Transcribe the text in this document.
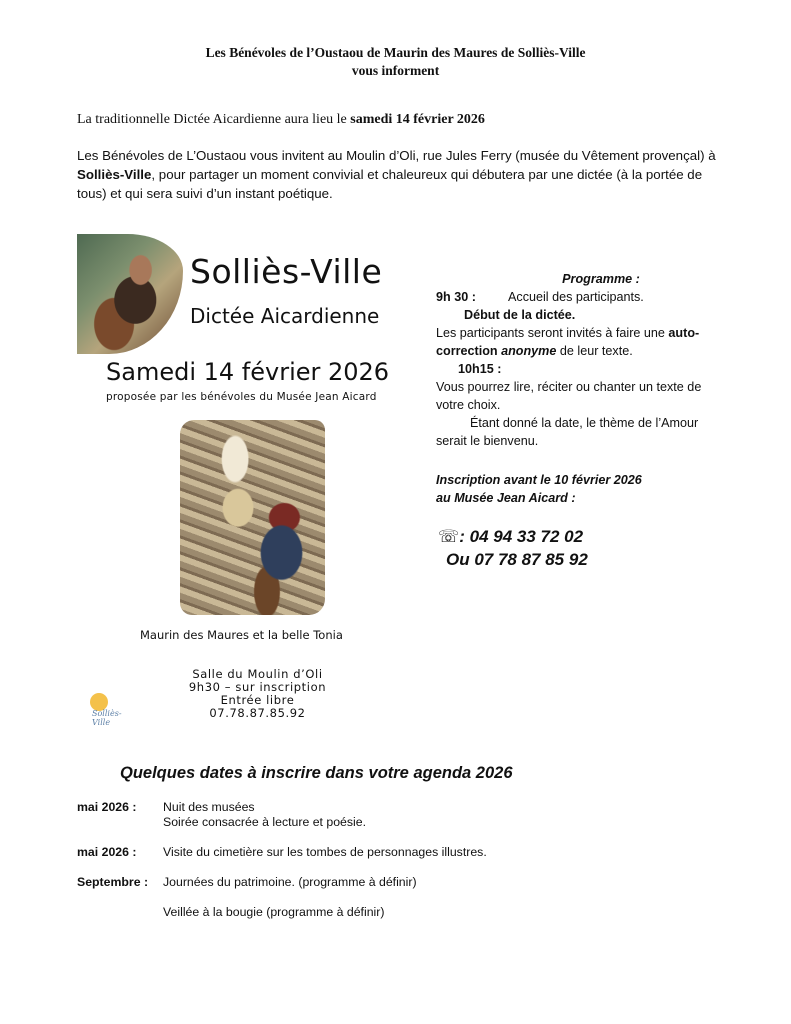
Les Bénévoles de l’Oustaou de Maurin des Maures de Solliès-Ville
vous informent
La traditionnelle Dictée Aicardienne aura lieu le samedi 14 février 2026
Les Bénévoles de L’Oustaou vous invitent au Moulin d’Oli, rue Jules Ferry (musée du Vêtement provençal) à Solliès-Ville, pour partager un moment convivial et chaleureux qui débutera par une dictée (à la portée de tous) et qui sera suivi d’un instant poétique.
Solliès-Ville
Dictée Aicardienne
Samedi 14 février 2026
proposée par les bénévoles du Musée Jean Aicard
Maurin des Maures et la belle Tonia
Solliès-Ville
Salle du Moulin d’Oli
9h30 – sur inscription
Entrée libre
07.78.87.85.92
Programme :
9h 30 :	Accueil des participants.
Début de la dictée.
Les participants seront invités à faire une auto-correction anonyme de leur texte.
10h15 :
Vous pourrez lire, réciter ou chanter un texte de votre choix.
Étant donné la date, le thème de l’Amour serait le bienvenu.
Inscription avant le 10 février 2026
au Musée Jean Aicard :
☏: 04 94 33 72 02
Ou 07 78 87 85 92
Quelques dates à inscrire dans votre agenda 2026
mai 2026 :	Nuit des musées
Soirée consacrée à lecture et poésie.
mai 2026 :	Visite du cimetière sur les tombes de personnages illustres.
Septembre :	Journées du patrimoine. (programme à définir)
Veillée à la bougie (programme à définir)
